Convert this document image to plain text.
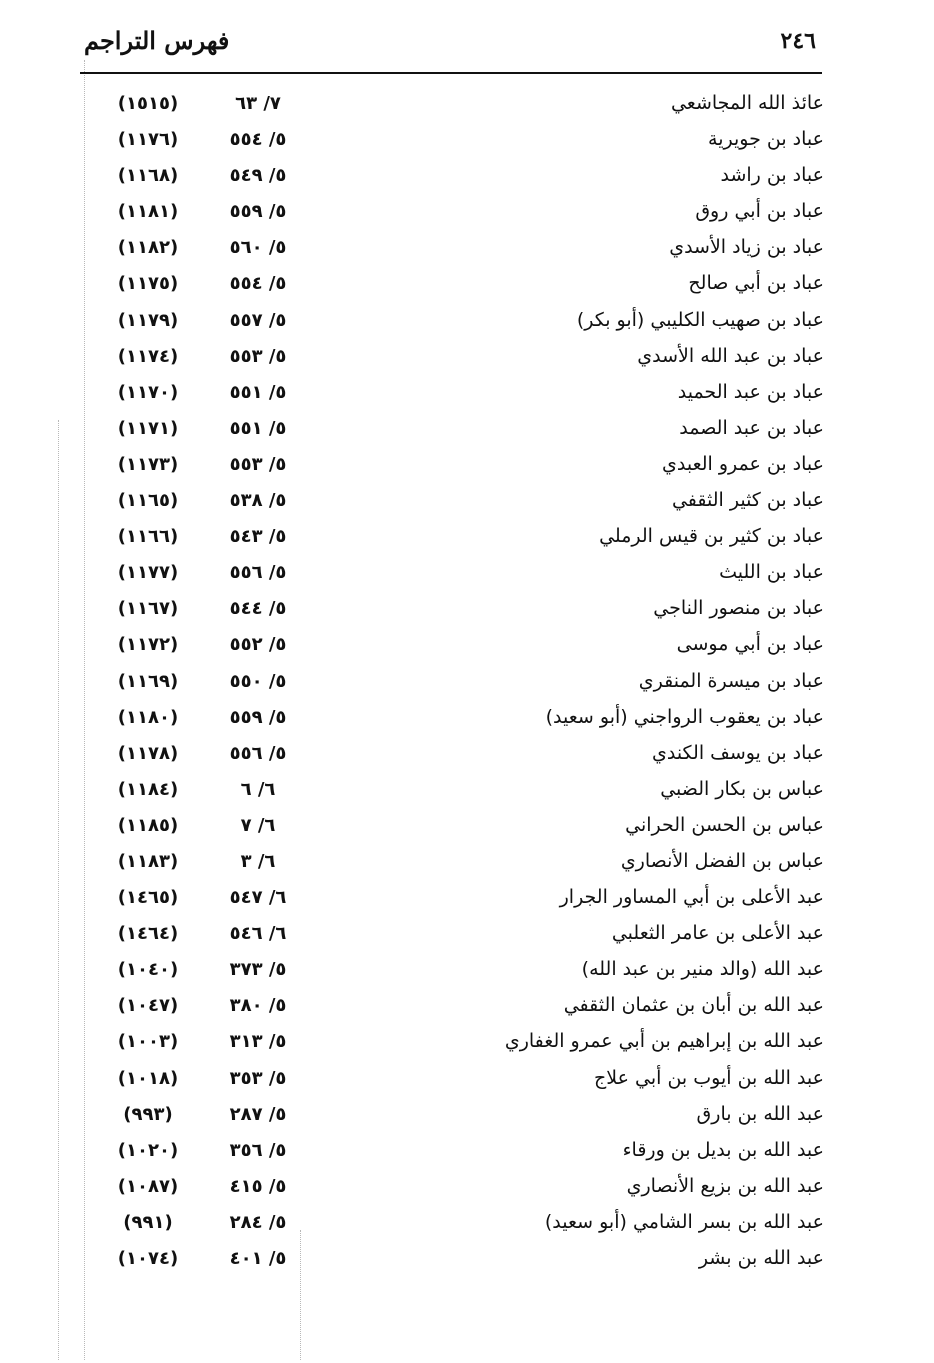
٢٤٦
فهرس التراجم
عائذ الله المجاشعي
٧/ ٦٣
(١٥١٥)
عباد بن جويرية
٥/ ٥٥٤
(١١٧٦)
عباد بن راشد
٥/ ٥٤٩
(١١٦٨)
عباد بن أبي روق
٥/ ٥٥٩
(١١٨١)
عباد بن زياد الأسدي
٥/ ٥٦٠
(١١٨٢)
عباد بن أبي صالح
٥/ ٥٥٤
(١١٧٥)
عباد بن صهيب الكليبي (أبو بكر)
٥/ ٥٥٧
(١١٧٩)
عباد بن عبد الله الأسدي
٥/ ٥٥٣
(١١٧٤)
عباد بن عبد الحميد
٥/ ٥٥١
(١١٧٠)
عباد بن عبد الصمد
٥/ ٥٥١
(١١٧١)
عباد بن عمرو العبدي
٥/ ٥٥٣
(١١٧٣)
عباد بن كثير الثقفي
٥/ ٥٣٨
(١١٦٥)
عباد بن كثير بن قيس الرملي
٥/ ٥٤٣
(١١٦٦)
عباد بن الليث
٥/ ٥٥٦
(١١٧٧)
عباد بن منصور الناجي
٥/ ٥٤٤
(١١٦٧)
عباد بن أبي موسى
٥/ ٥٥٢
(١١٧٢)
عباد بن ميسرة المنقري
٥/ ٥٥٠
(١١٦٩)
عباد بن يعقوب الرواجني (أبو سعيد)
٥/ ٥٥٩
(١١٨٠)
عباد بن يوسف الكندي
٥/ ٥٥٦
(١١٧٨)
عباس بن بكار الضبي
٦/ ٦
(١١٨٤)
عباس بن الحسن الحراني
٦/ ٧
(١١٨٥)
عباس بن الفضل الأنصاري
٦/ ٣
(١١٨٣)
عبد الأعلى بن أبي المساور الجرار
٦/ ٥٤٧
(١٤٦٥)
عبد الأعلى بن عامر الثعلبي
٦/ ٥٤٦
(١٤٦٤)
عبد الله (والد منير بن عبد الله)
٥/ ٣٧٣
(١٠٤٠)
عبد الله بن أبان بن عثمان الثقفي
٥/ ٣٨٠
(١٠٤٧)
عبد الله بن إبراهيم بن أبي عمرو الغفاري
٥/ ٣١٣
(١٠٠٣)
عبد الله بن أيوب بن أبي علاج
٥/ ٣٥٣
(١٠١٨)
عبد الله بن بارق
٥/ ٢٨٧
(٩٩٣)
عبد الله بن بديل بن ورقاء
٥/ ٣٥٦
(١٠٢٠)
عبد الله بن بزيع الأنصاري
٥/ ٤١٥
(١٠٨٧)
عبد الله بن بسر الشامي (أبو سعيد)
٥/ ٢٨٤
(٩٩١)
عبد الله بن بشر
٥/ ٤٠١
(١٠٧٤)
